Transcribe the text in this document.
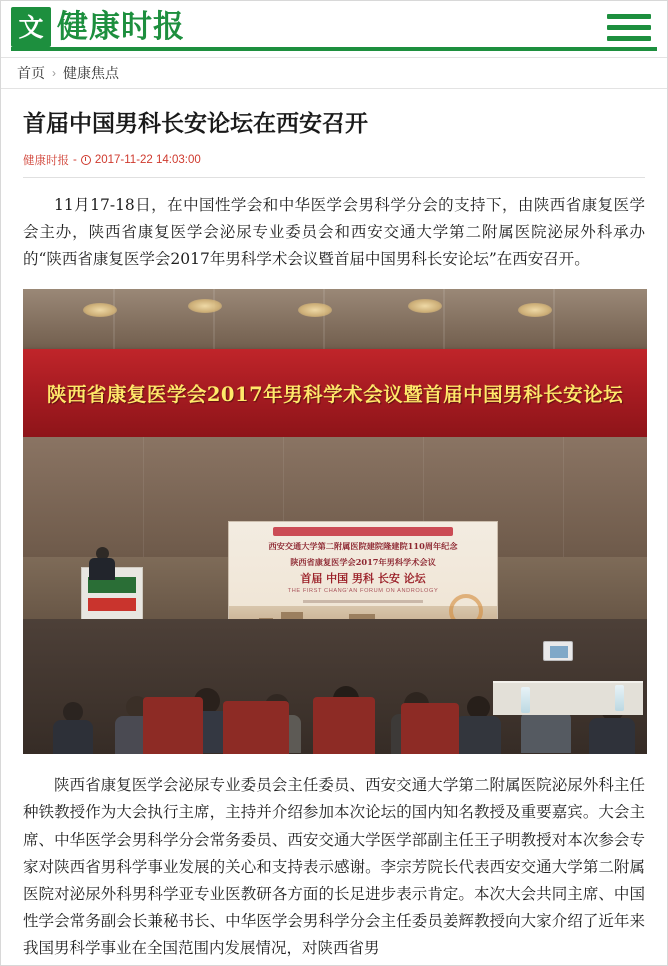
文 健康时报
首页 › 健康焦点
首届中国男科长安论坛在西安召开
健康时报 - 2017-11-22 14:03:00

11月17-18日，在中国性学会和中华医学会男科学分会的支持下，由陕西省康复医学会主办，陕西省康复医学会泌尿专业委员会和西安交通大学第二附属医院泌尿外科承办的“陕西省康复医学会2017年男科学术会议暨首届中国男科长安论坛”在西安召开。

陕西省康复医学会2017年男科学术会议暨首届中国男科长安论坛
西安交通大学第二附属医院建院隆建院110周年纪念
陕西省康复医学会2017年男科学术会议
首届 中国 男科 长安 论坛
THE FIRST CHANG'AN FORUM ON ANDROLOGY

陕西省康复医学会泌尿专业委员会主任委员、西安交通大学第二附属医院泌尿外科主任种铁教授作为大会执行主席，主持并介绍参加本次论坛的国内知名教授及重要嘉宾。大会主席、中华医学会男科学分会常务委员、西安交通大学医学部副主任王子明教授对本次参会专家对陕西省男科学事业发展的关心和支持表示感谢。李宗芳院长代表西安交通大学第二附属医院对泌尿外科男科学亚专业医教研各方面的长足进步表示肯定。本次大会共同主席、中国性学会常务副会长兼秘书长、中华医学会男科学分会主任委员姜辉教授向大家介绍了近年来我国男科学事业在全国范围内发展情况，对陕西省男
